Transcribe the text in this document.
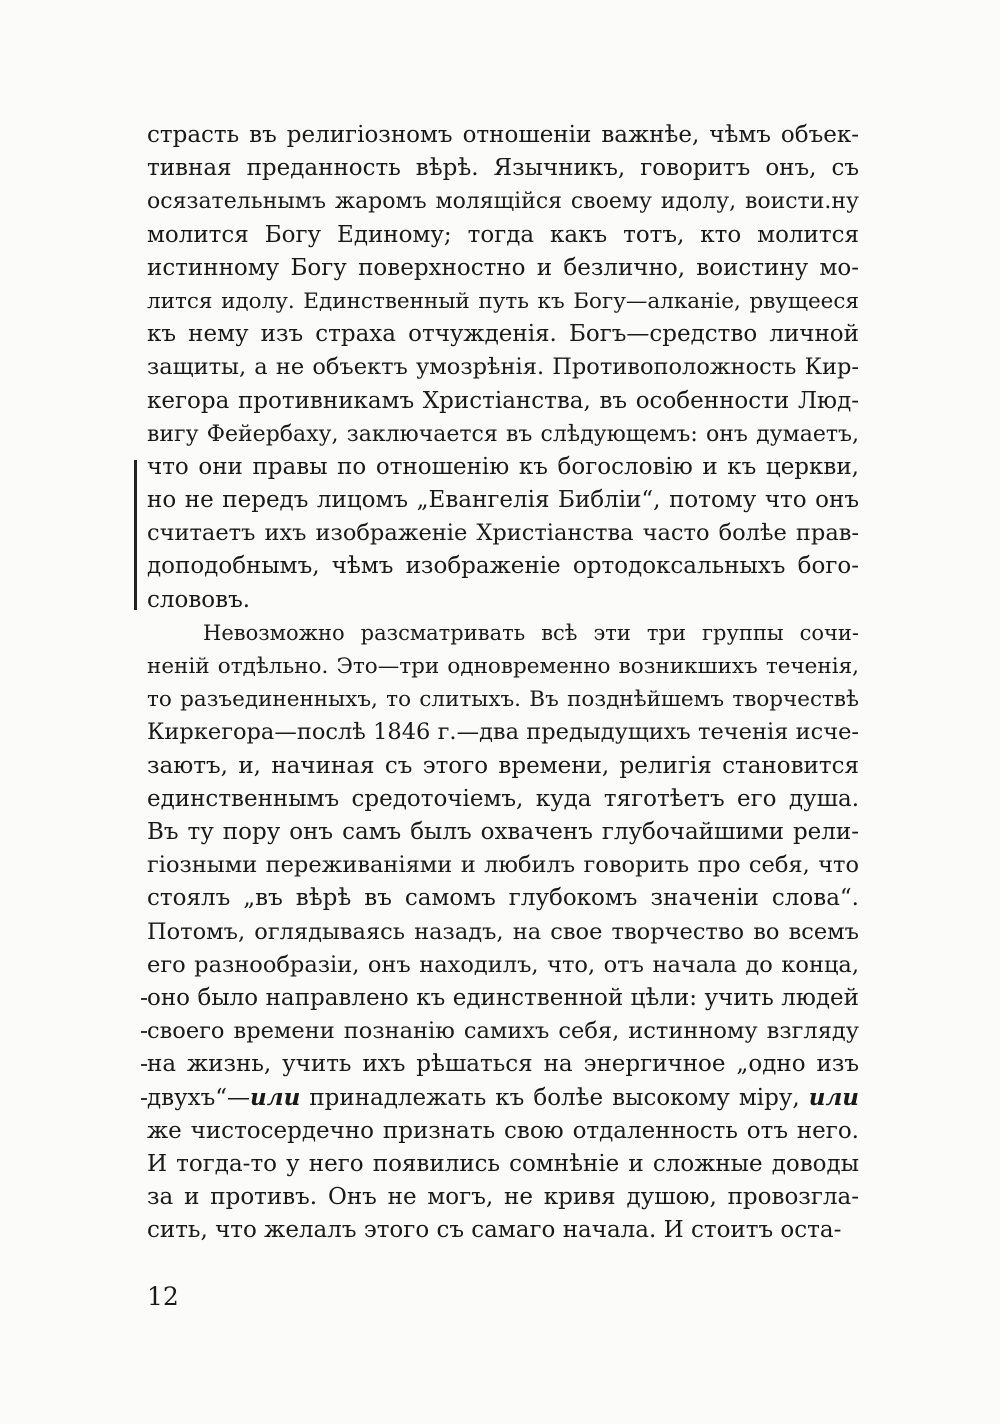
страсть въ религіозномъ отношеніи важнѣе, чѣмъ объек-
тивная преданность вѣрѣ. Язычникъ, говоритъ онъ, съ
осязательнымъ жаромъ молящійся своему идолу, воисти.ну
молится Богу Единому; тогда какъ тотъ, кто молится
истинному Богу поверхностно и безлично, воистину мо-
лится идолу. Единственный путь къ Богу—алканіе, рвущееся
къ нему изъ страха отчужденія. Богъ—средство личной
защиты, а не объектъ умозрѣнія. Противоположность Кир-
кегора противникамъ Христіанства, въ особенности Люд-
вигу Фейербаху, заключается въ слѣдующемъ: онъ думаетъ,
что они правы по отношенію къ богословію и къ церкви,
но не передъ лицомъ „Евангелія Библіи“, потому что онъ
считаетъ ихъ изображеніе Христіанства часто болѣе прав-
доподобнымъ, чѣмъ изображеніе ортодоксальныхъ бого-
слововъ.
Невозможно разсматривать всѣ эти три группы сочи-
неній отдѣльно. Это—три одновременно возникшихъ теченія,
то разъединенныхъ, то слитыхъ. Въ позднѣйшемъ творчествѣ
Киркегора—послѣ 1846 г.—два предыдущихъ теченія исче-
заютъ, и, начиная съ этого времени, религія становится
единственнымъ средоточіемъ, куда тяготѣетъ его душа.
Въ ту пору онъ самъ былъ охваченъ глубочайшими рели-
гіозными переживаніями и любилъ говорить про себя, что
стоялъ „въ вѣрѣ въ самомъ глубокомъ значеніи слова“.
Потомъ, оглядываясь назадъ, на свое творчество во всемъ
его разнообразіи, онъ находилъ, что, отъ начала до конца,
оно было направлено къ единственной цѣли: учить людей
своего времени познанію самихъ себя, истинному взгляду
на жизнь, учить ихъ рѣшаться на энергичное „одно изъ
двухъ“—или принадлежать къ болѣе высокому міру, или
же чистосердечно признать свою отдаленность отъ него.
И тогда-то у него появились сомнѣніе и сложные доводы
за и противъ. Онъ не могъ, не кривя душою, провозгла-
сить, что желалъ этого съ самаго начала. И стоитъ оста-
12
